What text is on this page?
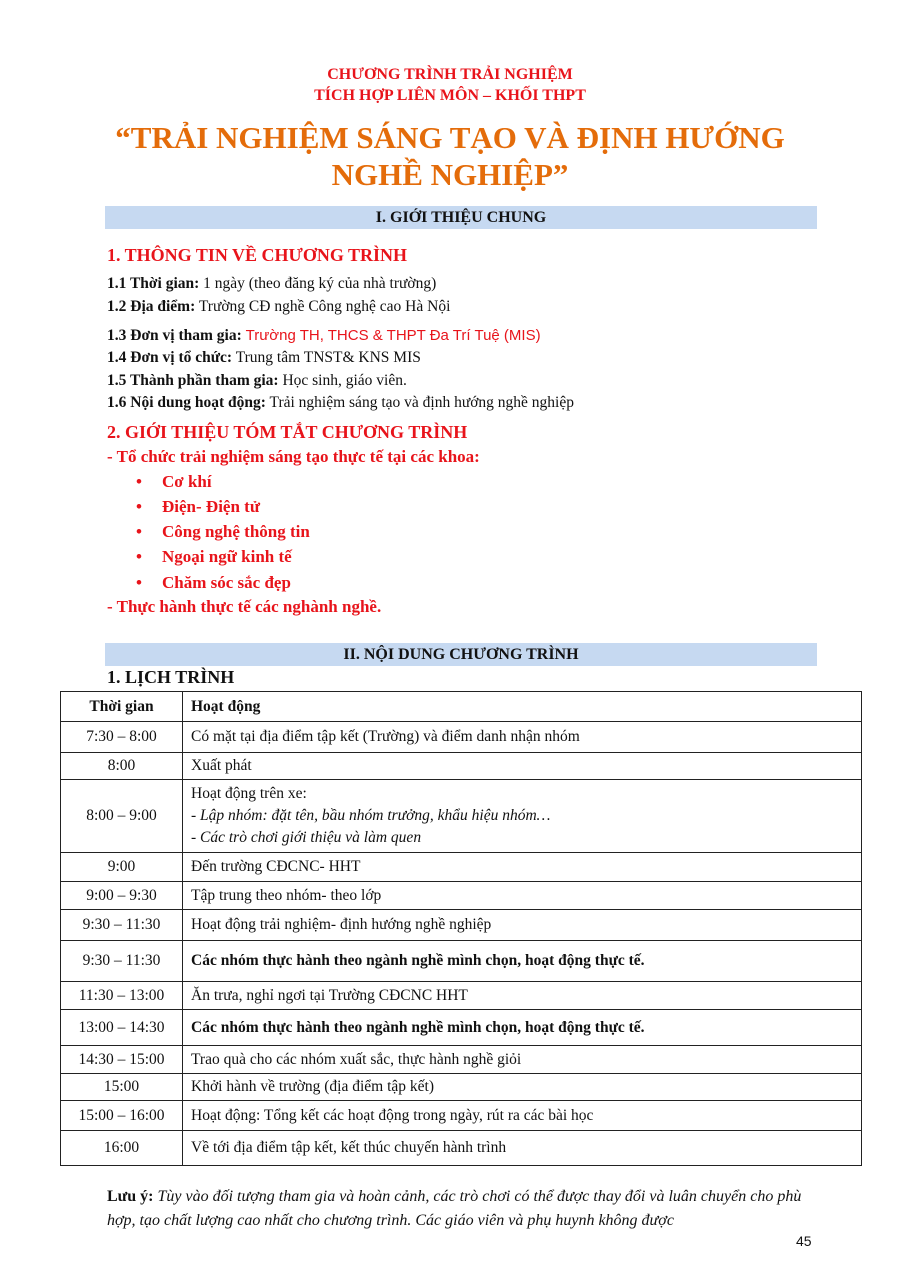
CHƯƠNG TRÌNH TRẢI NGHIỆM
TÍCH HỢP LIÊN MÔN – KHỐI THPT
“TRẢI NGHIỆM SÁNG TẠO VÀ ĐỊNH HƯỚNG
NGHỀ NGHIỆP”
I. GIỚI THIỆU CHUNG
1. THÔNG TIN VỀ CHƯƠNG TRÌNH
1.1 Thời gian: 1 ngày (theo đăng ký của nhà trường)
1.2 Địa điểm: Trường CĐ nghề Công nghệ cao Hà Nội
1.3 Đơn vị tham gia: Trường TH, THCS & THPT Đa Trí Tuệ (MIS)
1.4 Đơn vị tổ chức: Trung tâm TNST& KNS MIS
1.5 Thành phần tham gia: Học sinh, giáo viên.
1.6 Nội dung hoạt động: Trải nghiệm sáng tạo và định hướng nghề nghiệp
2. GIỚI THIỆU TÓM TẮT CHƯƠNG TRÌNH
- Tổ chức trải nghiệm sáng tạo thực tế tại các khoa:
• Cơ khí
• Điện- Điện tử
• Công nghệ thông tin
• Ngoại ngữ kinh tế
• Chăm sóc sắc đẹp
- Thực hành thực tế các nghành nghề.
II. NỘI DUNG CHƯƠNG TRÌNH
1. LỊCH TRÌNH
Thời gian	Hoạt động
7:30 – 8:00	Có mặt tại địa điểm tập kết (Trường) và điểm danh nhận nhóm
8:00	Xuất phát
8:00 – 9:00	Hoạt động trên xe:
- Lập nhóm: đặt tên, bầu nhóm trưởng, khẩu hiệu nhóm…
- Các trò chơi giới thiệu và làm quen

9:00	Đến trường CĐCNC- HHT
9:00 – 9:30	Tập trung theo nhóm- theo lớp
9:30 – 11:30	Hoạt động trải nghiệm- định hướng nghề nghiệp
9:30 – 11:30	Các nhóm thực hành theo ngành nghề mình chọn, hoạt động thực tế.
11:30 – 13:00	Ăn trưa, nghỉ ngơi tại Trường CĐCNC HHT
13:00 – 14:30	Các nhóm thực hành theo ngành nghề mình chọn, hoạt động thực tế.
14:30 – 15:00	Trao quà cho các nhóm xuất sắc, thực hành nghề giỏi
15:00	Khởi hành về trường (địa điểm tập kết)
15:00 – 16:00	Hoạt động: Tổng kết các hoạt động trong ngày, rút ra các bài học
16:00	Về tới địa điểm tập kết, kết thúc chuyến hành trình
Lưu ý: Tùy vào đối tượng tham gia và hoàn cảnh, các trò chơi có thể được thay đổi và luân chuyển cho phù hợp, tạo chất lượng cao nhất cho chương trình. Các giáo viên và phụ huynh không được
45
